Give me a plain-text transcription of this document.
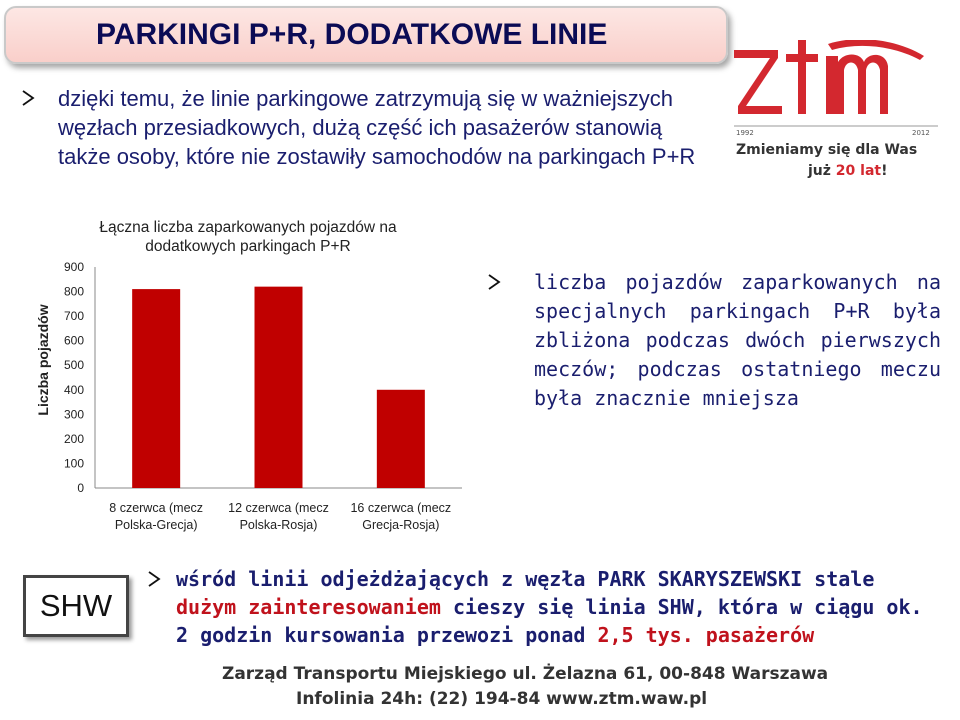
PARKINGI P+R, DODATKOWE LINIE
1992	2012
Zmieniamy się dla Was
już 20 lat!
dzięki temu, że linie parkingowe zatrzymują się w ważniejszych węzłach przesiadkowych, dużą część ich pasażerów stanowią także osoby, które nie zostawiły samochodów na parkingach P+R
Łączna liczba zaparkowanych pojazdów na
dodatkowych parkingach P+R
Liczba pojazdów
0
100
200
300
400
500
600
700
800
900
8 czerwca (mecz
Polska-Grecja)
12 czerwca (mecz
Polska-Rosja)
16 czerwca (mecz
Grecja-Rosja)
liczba pojazdów zaparkowanych na specjalnych parkingach P+R była zbliżona podczas dwóch pierwszych meczów; podczas ostatniego meczu była znacznie mniejsza
SHW
wśród linii odjeżdżających z węzła PARK SKARYSZEWSKI stale dużym zainteresowaniem cieszy się linia SHW, która w ciągu ok. 2 godzin kursowania przewozi ponad 2,5 tys. pasażerów
Zarząd Transportu Miejskiego ul. Żelazna 61, 00-848 Warszawa
Infolinia 24h: (22) 194-84 www.ztm.waw.pl
